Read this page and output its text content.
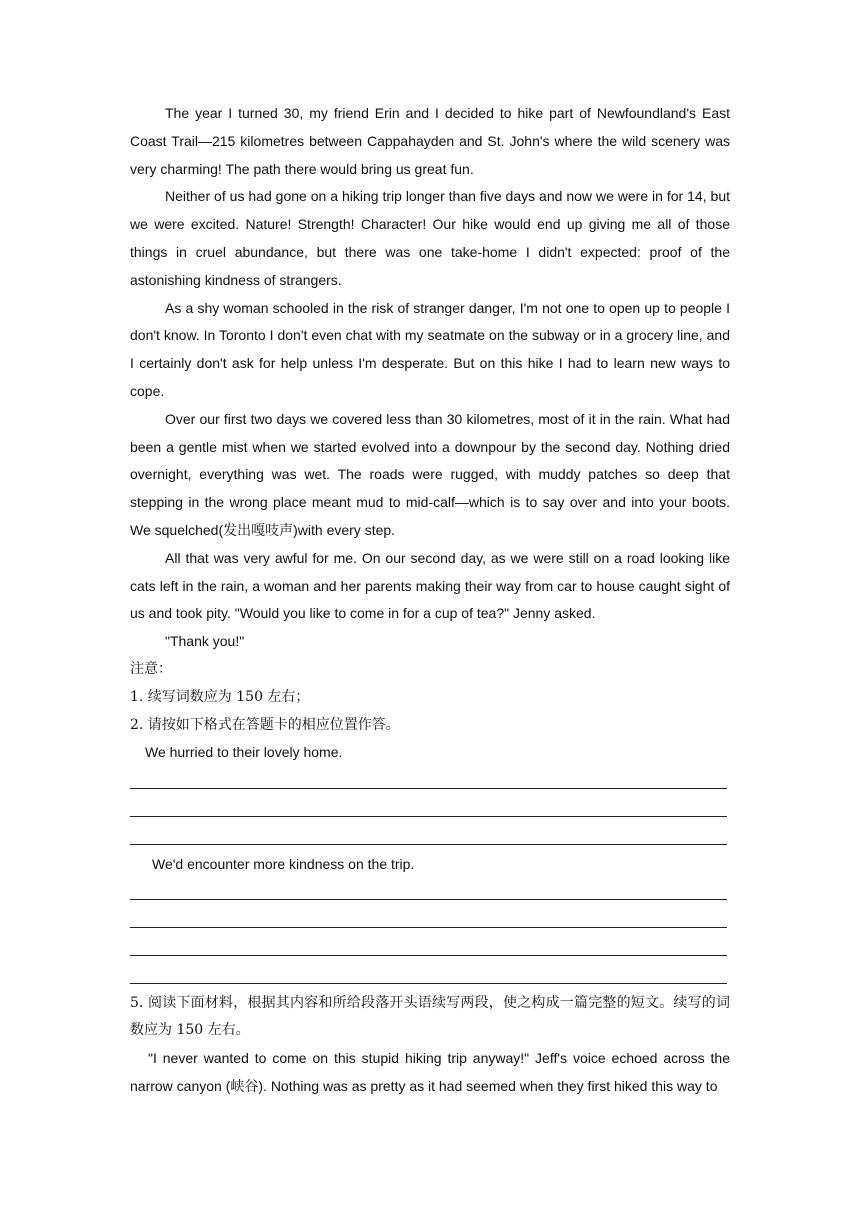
The year I turned 30, my friend Erin and I decided to hike part of Newfoundland's East Coast Trail—215 kilometres between Cappahayden and St. John's where the wild scenery was very charming! The path there would bring us great fun.

Neither of us had gone on a hiking trip longer than five days and now we were in for 14, but we were excited. Nature! Strength! Character! Our hike would end up giving me all of those things in cruel abundance, but there was one take-home I didn't expected: proof of the astonishing kindness of strangers.

As a shy woman schooled in the risk of stranger danger, I'm not one to open up to people I don't know. In Toronto I don't even chat with my seatmate on the subway or in a grocery line, and I certainly don't ask for help unless I'm desperate. But on this hike I had to learn new ways to cope.

Over our first two days we covered less than 30 kilometres, most of it in the rain. What had been a gentle mist when we started evolved into a downpour by the second day. Nothing dried overnight, everything was wet. The roads were rugged, with muddy patches so deep that stepping in the wrong place meant mud to mid-calf—which is to say over and into your boots. We squelched(发出嘎吱声)with every step.

All that was very awful for me. On our second day, as we were still on a road looking like cats left in the rain, a woman and her parents making their way from car to house caught sight of us and took pity. "Would you like to come in for a cup of tea?" Jenny asked.

"Thank you!"

注意：

1. 续写词数应为 150 左右；

2. 请按如下格式在答题卡的相应位置作答。

We hurried to their lovely home.

We'd encounter more kindness on the trip.

5. 阅读下面材料，根据其内容和所给段落开头语续写两段，使之构成一篇完整的短文。续写的词数应为 150 左右。

"I never wanted to come on this stupid hiking trip anyway!" Jeff's voice echoed across the narrow canyon (峡谷). Nothing was as pretty as it had seemed when they first hiked this way to
